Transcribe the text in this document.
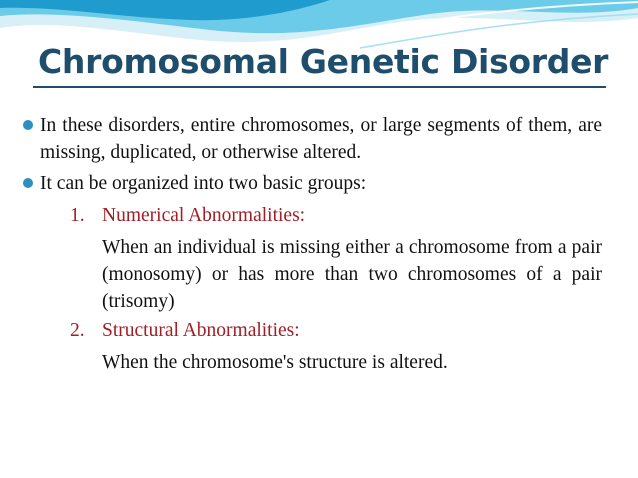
Chromosomal Genetic Disorder
In these disorders, entire chromosomes, or large segments of them, are missing, duplicated, or otherwise altered.
It can be organized into two basic groups:
1. Numerical Abnormalities:
When an individual is missing either a chromosome from a pair (monosomy) or has more than two chromosomes of a pair (trisomy)
2. Structural Abnormalities:
When the chromosome's structure is altered.
